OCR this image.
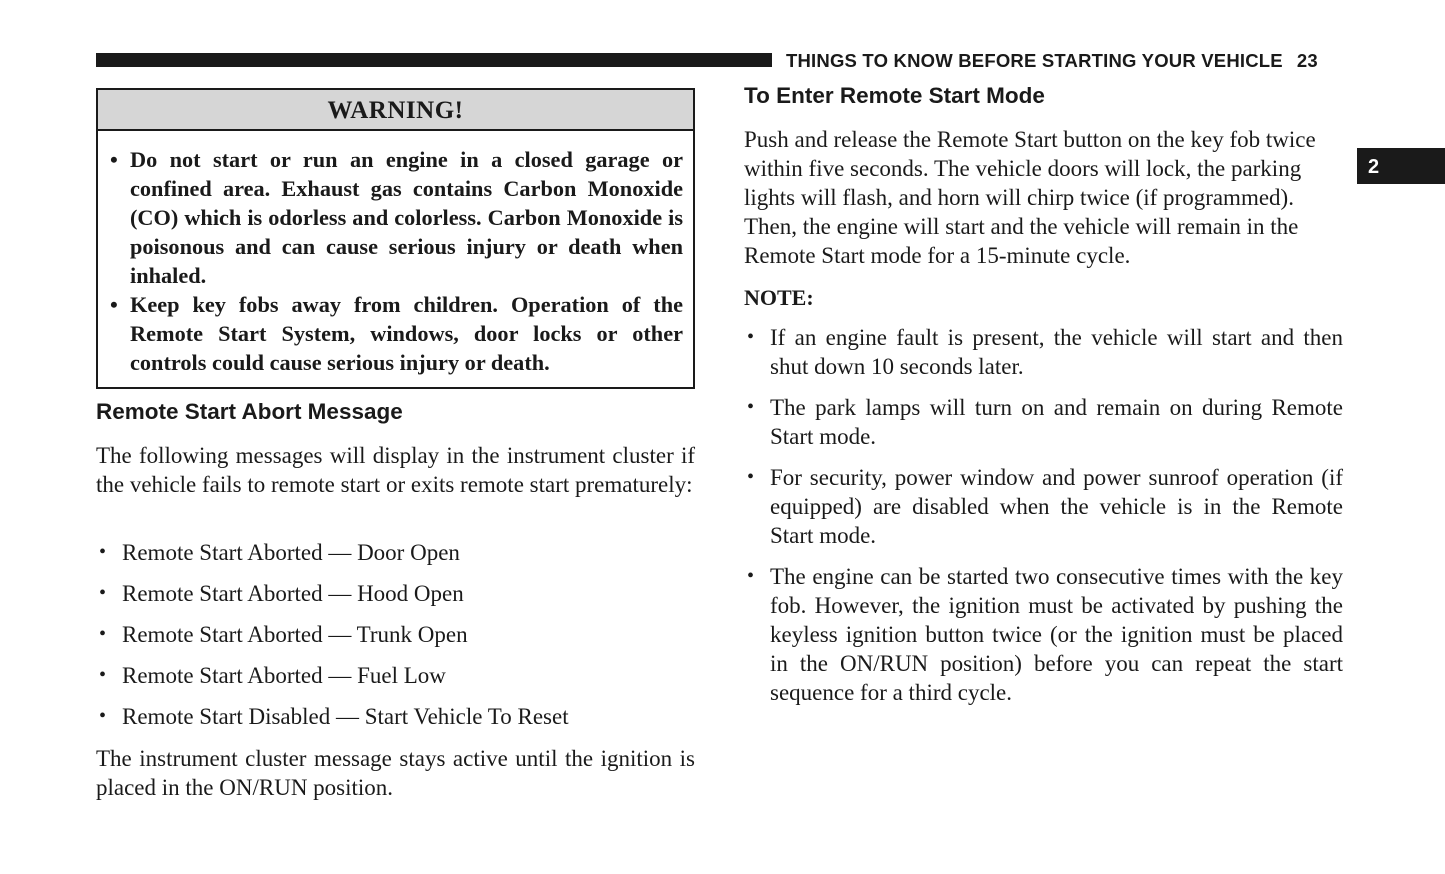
THINGS TO KNOW BEFORE STARTING YOUR VEHICLE 23
2
WARNING!
• Do not start or run an engine in a closed garage or confined area. Exhaust gas contains Carbon Monoxide (CO) which is odorless and colorless. Carbon Monoxide is poisonous and can cause serious injury or death when inhaled.
• Keep key fobs away from children. Operation of the Remote Start System, windows, door locks or other controls could cause serious injury or death.
Remote Start Abort Message

The following messages will display in the instrument cluster if the vehicle fails to remote start or exits remote start prematurely:

• Remote Start Aborted — Door Open
• Remote Start Aborted — Hood Open
• Remote Start Aborted — Trunk Open
• Remote Start Aborted — Fuel Low
• Remote Start Disabled — Start Vehicle To Reset

The instrument cluster message stays active until the ignition is placed in the ON/RUN position.

To Enter Remote Start Mode

Push and release the Remote Start button on the key fob twice within five seconds. The vehicle doors will lock, the parking lights will flash, and horn will chirp twice (if programmed). Then, the engine will start and the vehicle will remain in the Remote Start mode for a 15-minute cycle.

NOTE:
• If an engine fault is present, the vehicle will start and then shut down 10 seconds later.
• The park lamps will turn on and remain on during Remote Start mode.
• For security, power window and power sunroof operation (if equipped) are disabled when the vehicle is in the Remote Start mode.
• The engine can be started two consecutive times with the key fob. However, the ignition must be activated by pushing the keyless ignition button twice (or the ignition must be placed in the ON/RUN position) before you can repeat the start sequence for a third cycle.
